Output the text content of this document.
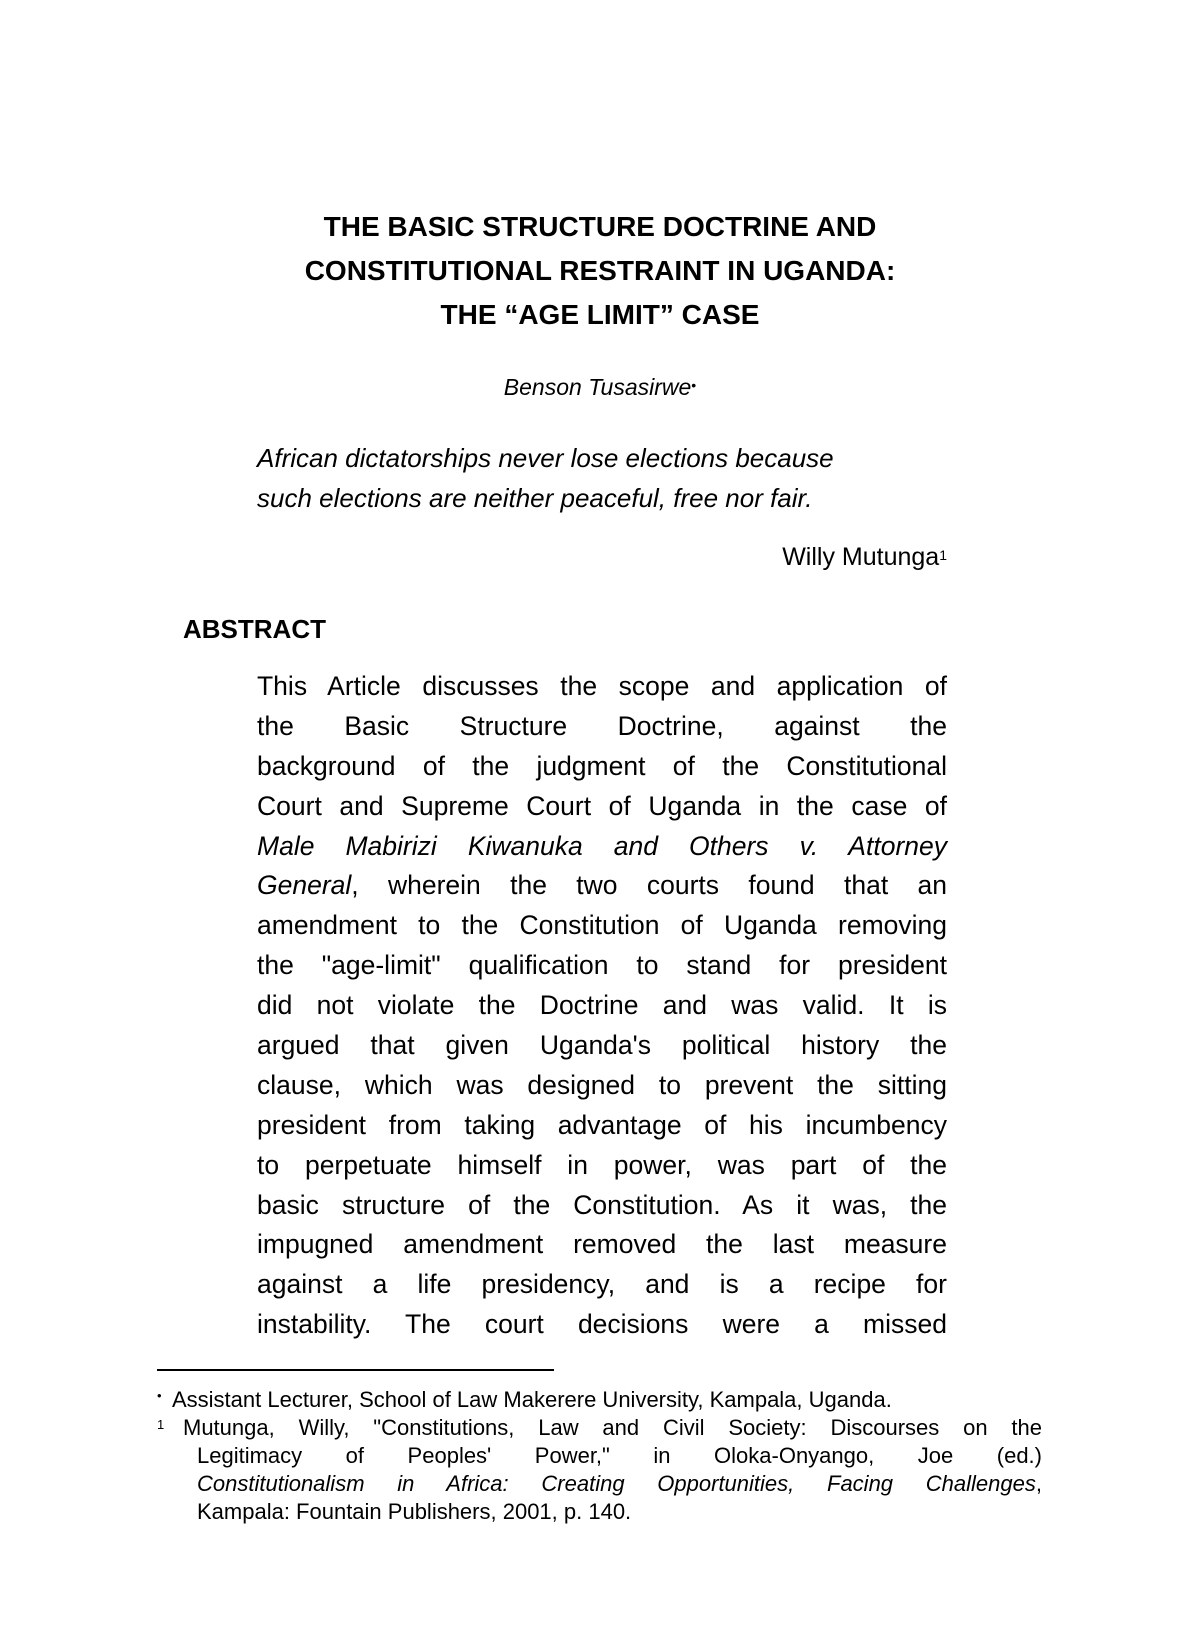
THE BASIC STRUCTURE DOCTRINE AND
CONSTITUTIONAL RESTRAINT IN UGANDA:
THE “AGE LIMIT” CASE
Benson Tusasirwe•
African dictatorships never lose elections because
such elections are neither peaceful, free nor fair.
Willy Mutunga$^1$
ABSTRACT
This Article discusses the scope and application of
the Basic Structure Doctrine, against the
background of the judgment of the Constitutional
Court and Supreme Court of Uganda in the case of
Male Mabirizi Kiwanuka and Others v. Attorney
General, wherein the two courts found that an
amendment to the Constitution of Uganda removing
the "age-limit" qualification to stand for president
did not violate the Doctrine and was valid. It is
argued that given Uganda's political history the
clause, which was designed to prevent the sitting
president from taking advantage of his incumbency
to perpetuate himself in power, was part of the
basic structure of the Constitution. As it was, the
impugned amendment removed the last measure
against a life presidency, and is a recipe for
instability. The court decisions were a missed
• Assistant Lecturer, School of Law Makerere University, Kampala, Uganda.
1 Mutunga, Willy, "Constitutions, Law and Civil Society: Discourses on the
Legitimacy of Peoples' Power," in Oloka-Onyango, Joe (ed.)
Constitutionalism in Africa: Creating Opportunities, Facing Challenges,
Kampala: Fountain Publishers, 2001, p. 140.
